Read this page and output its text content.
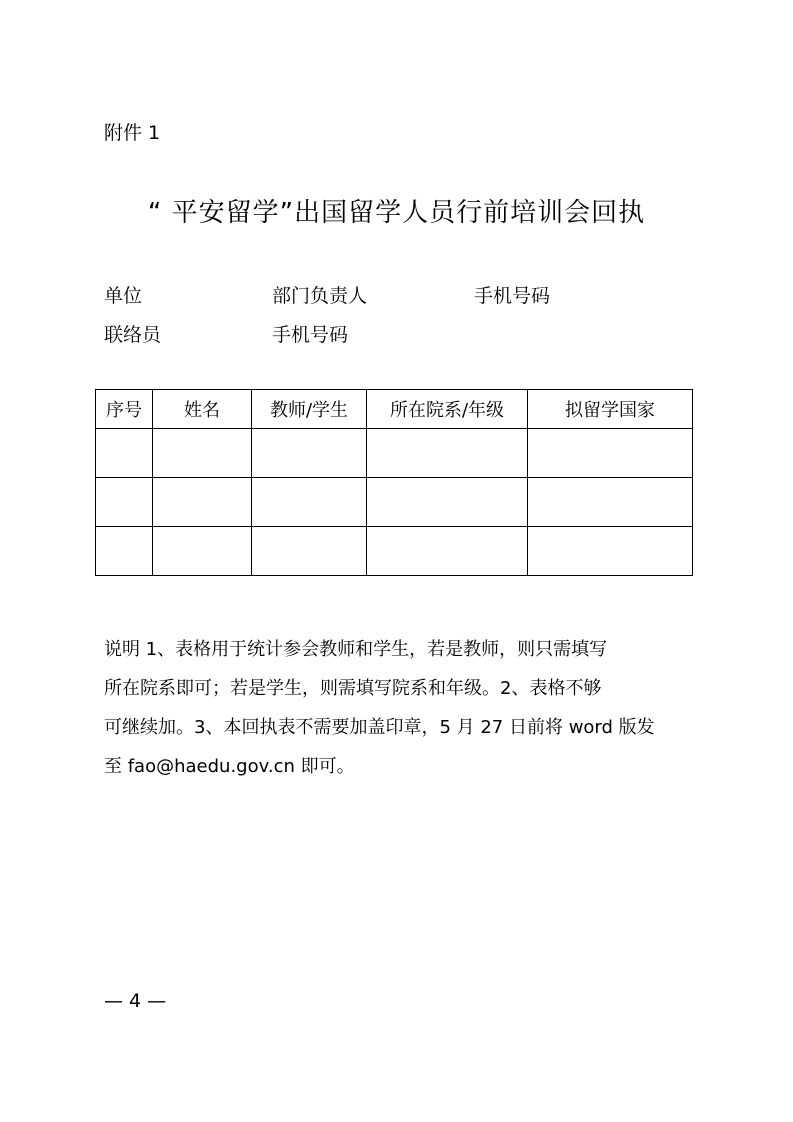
附件 1
“ 平安留学”出国留学人员行前培训会回执
单位	部门负责人	手机号码
联络员	手机号码
序号	姓名	教师/学生	所在院系/年级	拟留学国家

说明 1、表格用于统计参会教师和学生，若是教师，则只需填写

所在院系即可；若是学生，则需填写院系和年级。2、表格不够

可继续加。3、本回执表不需要加盖印章，5 月 27 日前将 word 版发

至 fao@haedu.gov.cn 即可。

— 4 —
